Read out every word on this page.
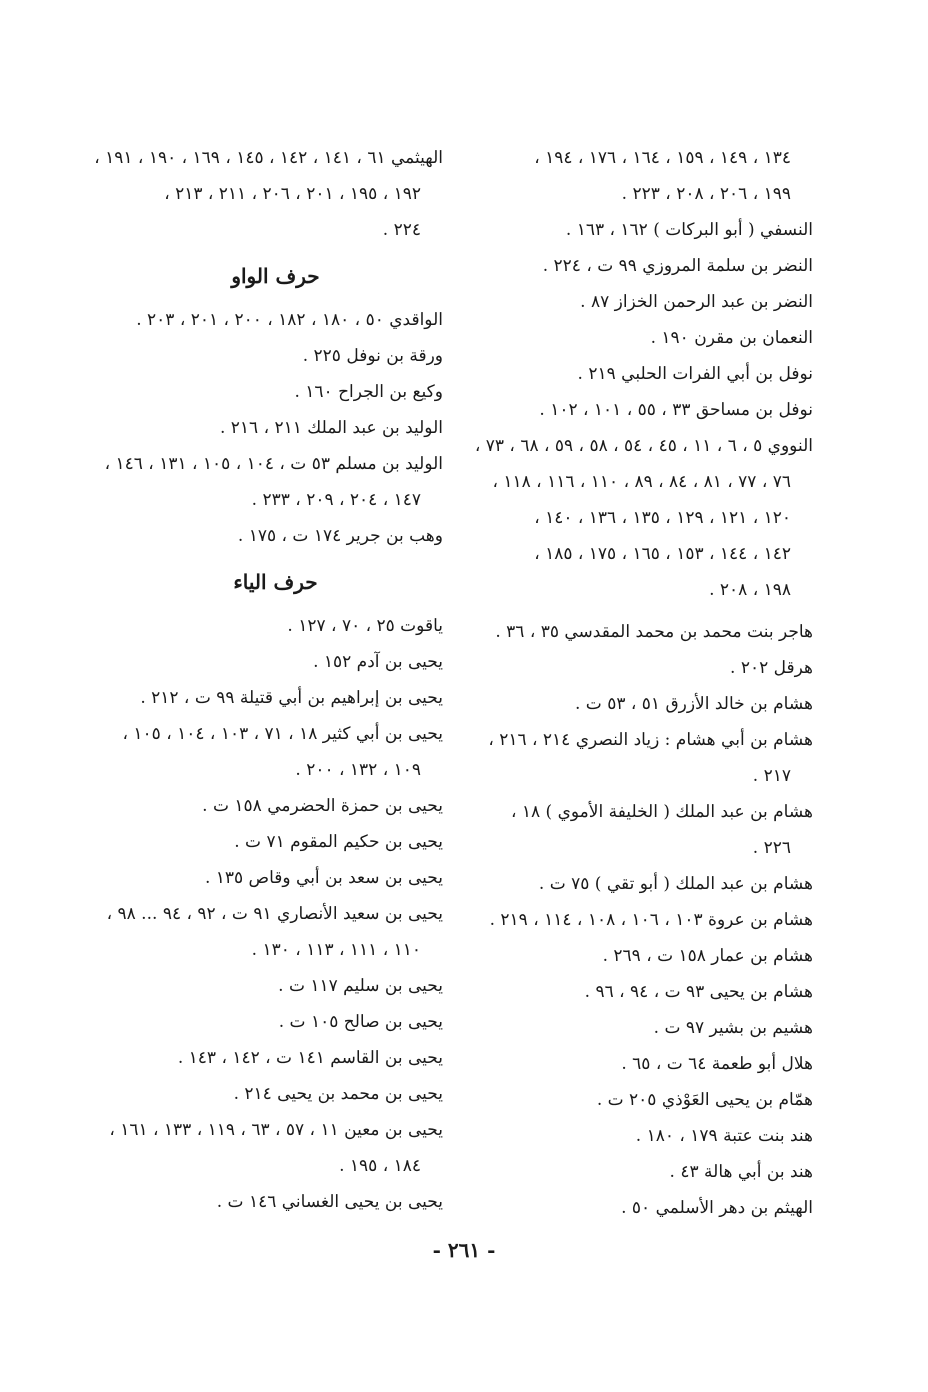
١٣٤ ، ١٤٩ ، ١٥٩ ، ١٦٤ ، ١٧٦ ، ١٩٤ ،
١٩٩ ، ٢٠٦ ، ٢٠٨ ، ٢٢٣ .
النسفي ( أبو البركات ) ١٦٢ ، ١٦٣ .
النضر بن سلمة المروزي ٩٩ ت ، ٢٢٤ .
النضر بن عبد الرحمن الخزاز ٨٧ .
النعمان بن مقرن ١٩٠ .
نوفل بن أبي الفرات الحلبي ٢١٩ .
نوفل بن مساحق ٣٣ ، ٥٥ ، ١٠١ ، ١٠٢ .
النووي ٥ ، ٦ ، ١١ ، ٤٥ ، ٥٤ ، ٥٨ ، ٥٩ ، ٦٨ ، ٧٣ ،
٧٦ ، ٧٧ ، ٨١ ، ٨٤ ، ٨٩ ، ١١٠ ، ١١٦ ، ١١٨ ،
١٢٠ ، ١٢١ ، ١٢٩ ، ١٣٥ ، ١٣٦ ، ١٤٠ ،
١٤٢ ، ١٤٤ ، ١٥٣ ، ١٦٥ ، ١٧٥ ، ١٨٥ ،
١٩٨ ، ٢٠٨ .
هاجر بنت محمد بن محمد المقدسي ٣٥ ، ٣٦ .
هرقل ٢٠٢ .
هشام بن خالد الأزرق ٥١ ، ٥٣ ت .
هشام بن أبي هشام : زياد النصري ٢١٤ ، ٢١٦ ،
٢١٧ .
هشام بن عبد الملك ( الخليفة الأموي ) ١٨ ،
٢٢٦ .
هشام بن عبد الملك ( أبو تقي ) ٧٥ ت .
هشام بن عروة ١٠٣ ، ١٠٦ ، ١٠٨ ، ١١٤ ، ٢١٩ .
هشام بن عمار ١٥٨ ت ، ٢٦٩ .
هشام بن يحيى ٩٣ ت ، ٩٤ ، ٩٦ .
هشيم بن بشير ٩٧ ت .
هلال أبو طعمة ٦٤ ت ، ٦٥ .
همّام بن يحيى العَوْذي ٢٠٥ ت .
هند بنت عتبة ١٧٩ ، ١٨٠ .
هند بن أبي هالة ٤٣ .
الهيثم بن دهر الأسلمي ٥٠ .
الهيثمي ٦١ ، ١٤١ ، ١٤٢ ، ١٤٥ ، ١٦٩ ، ١٩٠ ، ١٩١ ،
١٩٢ ، ١٩٥ ، ٢٠١ ، ٢٠٦ ، ٢١١ ، ٢١٣ ،
٢٢٤ .
حرف الواو
الواقدي ٥٠ ، ١٨٠ ، ١٨٢ ، ٢٠٠ ، ٢٠١ ، ٢٠٣ .
ورقة بن نوفل ٢٢٥ .
وكيع بن الجراح ١٦٠ .
الوليد بن عبد الملك ٢١١ ، ٢١٦ .
الوليد بن مسلم ٥٣ ت ، ١٠٤ ، ١٠٥ ، ١٣١ ، ١٤٦ ،
١٤٧ ، ٢٠٤ ، ٢٠٩ ، ٢٣٣ .
وهب بن جرير ١٧٤ ت ، ١٧٥ .
حرف الياء
ياقوت ٢٥ ، ٧٠ ، ١٢٧ .
يحيى بن آدم ١٥٢ .
يحيى بن إبراهيم بن أبي قتيلة ٩٩ ت ، ٢١٢ .
يحيى بن أبي كثير ١٨ ، ٧١ ، ١٠٣ ، ١٠٤ ، ١٠٥ ،
١٠٩ ، ١٣٢ ، ٢٠٠ .
يحيى بن حمزة الحضرمي ١٥٨ ت .
يحيى بن حكيم المقوم ٧١ ت .
يحيى بن سعد بن أبي وقاص ١٣٥ .
يحيى بن سعيد الأنصاري ٩١ ت ، ٩٢ ، ٩٤ ... ٩٨ ،
١١٠ ، ١١١ ، ١١٣ ، ١٣٠ .
يحيى بن سليم ١١٧ ت .
يحيى بن صالح ١٠٥ ت .
يحيى بن القاسم ١٤١ ت ، ١٤٢ ، ١٤٣ .
يحيى بن محمد بن يحيى ٢١٤ .
يحيى بن معين ١١ ، ٥٧ ، ٦٣ ، ١١٩ ، ١٣٣ ، ١٦١ ،
١٨٤ ، ١٩٥ .
يحيى بن يحيى الغساني ١٤٦ ت .
- ٢٦١ -
